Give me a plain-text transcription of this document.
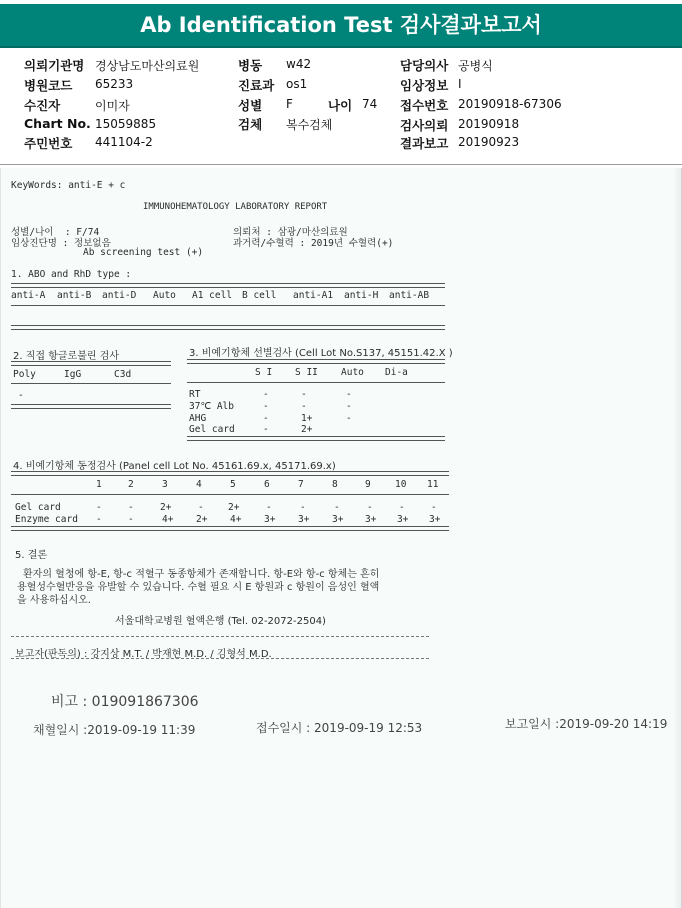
Ab Identification Test 검사결과보고서
의뢰기관명 경상남도마산의료원
병원코드 65233
수진자	이미자
Chart No. 15059885
주민번호 441104-2
병동 w42
진료과 os1
성별 F	나이 74
검체 복수검체
담당의사 공병식
임상정보 I
접수번호 20190918-67306
검사의뢰 20190918
결과보고 20190923
KeyWords: anti-E + c
IMMUNOHEMATOLOGY LABORATORY REPORT
성별/나이  : F/74
임상진단명 : 정보없음
Ab screening test (+)
의뢰처 : 삼광/마산의료원
과거력/수혈력 : 2019년 수혈력(+)
1. ABO and RhD type :
anti-A anti-B anti-D Auto A1 cell B cell anti-A1 anti-H anti-AB
2. 직접 항글로불린 검사
Poly	IgG	C3d
-
3. 비예기항체 선별검사 (Cell Lot No.S137, 45151.42.X )
S I S II Auto Di-a
RT	-	-	-
37℃ Alb	-	-	-
AHG	-	1+	-
Gel card	-	2+
4. 비예기항체 동정검사 (Panel cell Lot No. 45161.69.x, 45171.69.x)
1	2	3	4	5	6	7	8	9	10 11
Gel card	-	-	2+	-	2+	-	-	-	-	-	-
Enzyme card -	-	4+ 2+ 4+ 3+ 3+ 3+ 3+ 3+ 3+
5. 결론
환자의 혈청에 항-E, 항-c 적혈구 동종항체가 존재합니다. 항-E와 항-c 항체는 흔히
용혈성수혈반응을 유발할 수 있습니다. 수혈 필요 시 E 항원과 c 항원이 음성인 혈액
을 사용하십시오.
서울대학교병원 혈액은행 (Tel. 02-2072-2504)
보고자(판독의) : 강지상 M.T. / 박재현 M.D. / 김형석 M.D.
비고 : 019091867306
채혈일시 :2019-09-19 11:39	접수일시 : 2019-09-19 12:53	보고일시 :2019-09-20 14:19
